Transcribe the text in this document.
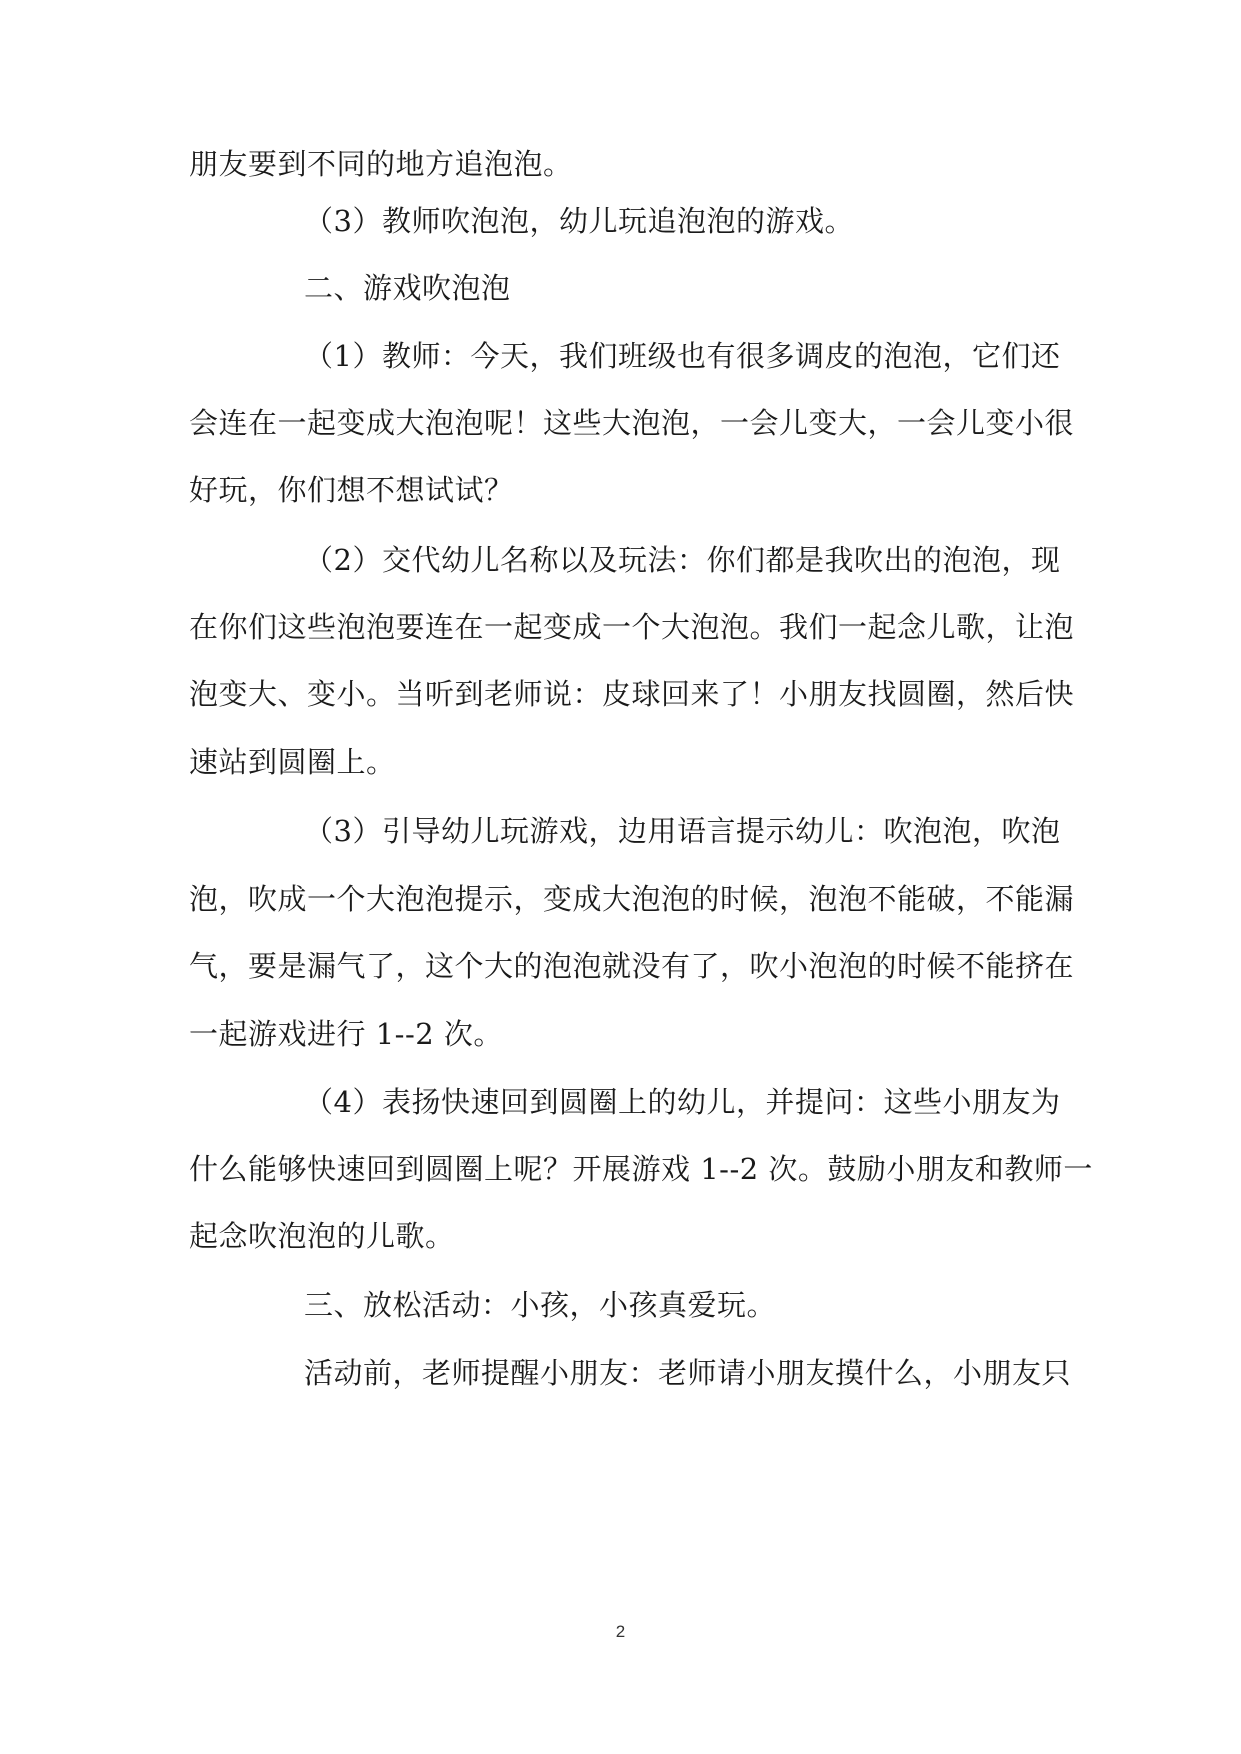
朋友要到不同的地方追泡泡。
（3）教师吹泡泡，幼儿玩追泡泡的游戏。
二、游戏吹泡泡
（1）教师：今天，我们班级也有很多调皮的泡泡，它们还
会连在一起变成大泡泡呢！这些大泡泡，一会儿变大，一会儿变小很
好玩，你们想不想试试？
（2）交代幼儿名称以及玩法：你们都是我吹出的泡泡，现
在你们这些泡泡要连在一起变成一个大泡泡。我们一起念儿歌，让泡
泡变大、变小。当听到老师说：皮球回来了！小朋友找圆圈，然后快
速站到圆圈上。
（3）引导幼儿玩游戏，边用语言提示幼儿：吹泡泡，吹泡
泡，吹成一个大泡泡提示，变成大泡泡的时候，泡泡不能破，不能漏
气，要是漏气了，这个大的泡泡就没有了，吹小泡泡的时候不能挤在
一起游戏进行 1--2 次。
（4）表扬快速回到圆圈上的幼儿，并提问：这些小朋友为
什么能够快速回到圆圈上呢？开展游戏 1--2 次。鼓励小朋友和教师一
起念吹泡泡的儿歌。
三、放松活动：小孩，小孩真爱玩。
活动前，老师提醒小朋友：老师请小朋友摸什么，小朋友只
2
